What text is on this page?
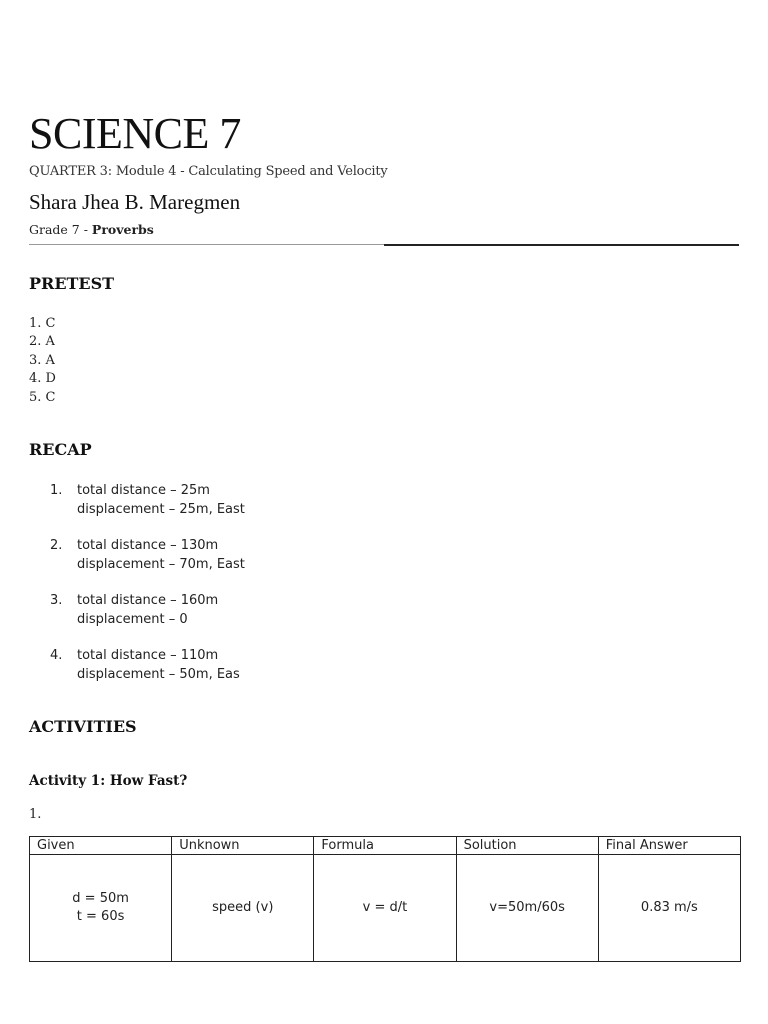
SCIENCE 7
QUARTER 3: Module 4 - Calculating Speed and Velocity
Shara Jhea B. Maregmen
Grade 7 - Proverbs
PRETEST
1. C
2. A
3. A
4. D
5. C
RECAP
1.	total distance – 25m
displacement – 25m, East
2.	total distance – 130m
displacement – 70m, East
3.	total distance – 160m
displacement – 0
4.	total distance – 110m
displacement – 50m, Eas
ACTIVITIES
Activity 1: How Fast?
1.
Given	Unknown	Formula	Solution	Final Answer

d = 50m
t = 60s	speed (v)	v = d/t	v=50m/60s	0.83 m/s
